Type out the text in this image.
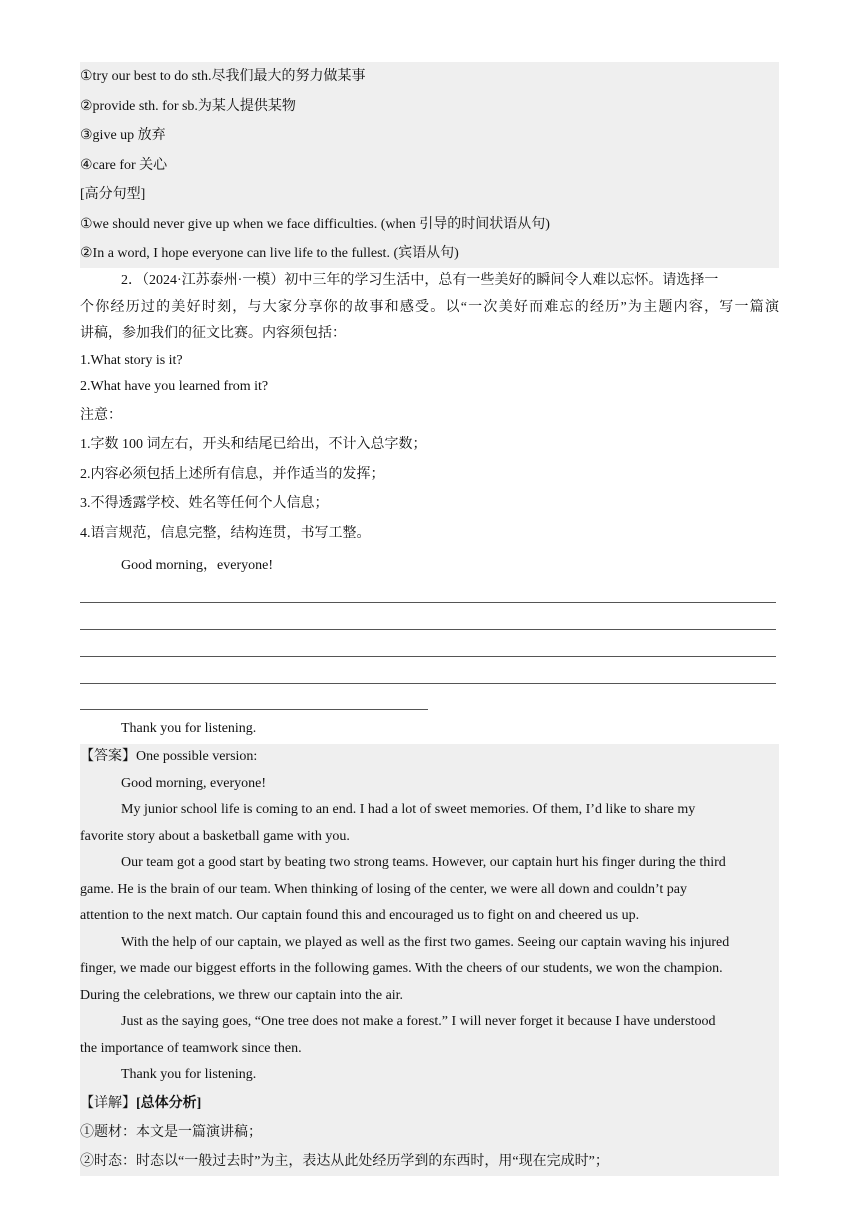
①try our best to do sth.尽我们最大的努力做某事
②provide sth. for sb.为某人提供某物
③give up 放弃
④care for 关心
[高分句型]
①we should never give up when we face difficulties. (when 引导的时间状语从句)
②In a word, I hope everyone can live life to the fullest. (宾语从句)
2．（2024·江苏泰州·一模）初中三年的学习生活中，总有一些美好的瞬间令人难以忘怀。请选择一
个你经历过的美好时刻，与大家分享你的故事和感受。以“一次美好而难忘的经历”为主题内容，写一篇演
讲稿，参加我们的征文比赛。内容须包括：
1.What story is it?
2.What have you learned from it?
注意：
1.字数 100 词左右，开头和结尾已给出，不计入总字数；
2.内容必须包括上述所有信息，并作适当的发挥；
3.不得透露学校、姓名等任何个人信息；
4.语言规范，信息完整，结构连贯，书写工整。
Good morning，everyone!
Thank you for listening.
【答案】One possible version:
Good morning, everyone!
My junior school life is coming to an end. I had a lot of sweet memories. Of them, I’d like to share my
favorite story about a basketball game with you.
Our team got a good start by beating two strong teams. However, our captain hurt his finger during the third
game. He is the brain of our team. When thinking of losing of the center, we were all down and couldn’t pay
attention to the next match. Our captain found this and encouraged us to fight on and cheered us up.
With the help of our captain, we played as well as the first two games. Seeing our captain waving his injured
finger, we made our biggest efforts in the following games. With the cheers of our students, we won the champion.
During the celebrations, we threw our captain into the air.
Just as the saying goes, “One tree does not make a forest.” I will never forget it because I have understood
the importance of teamwork since then.
Thank you for listening.
【详解】[总体分析]
①题材：本文是一篇演讲稿；
②时态：时态以“一般过去时”为主，表达从此处经历学到的东西时，用“现在完成时”；
